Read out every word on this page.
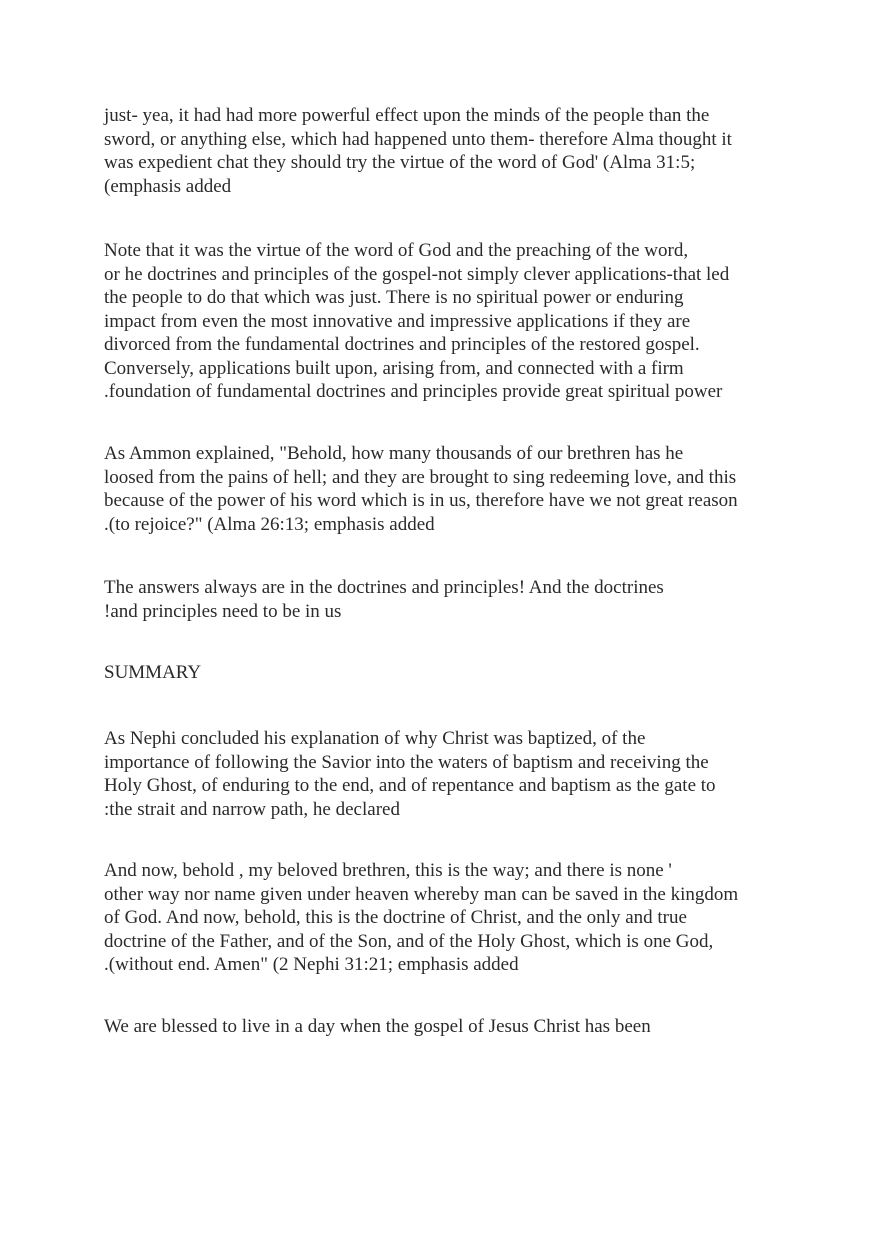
just- yea, it had had more powerful effect upon the minds of the people than the
sword, or anything else, which had happened unto them- therefore Alma thought it
was expedient chat they should try the virtue of the word of God' (Alma 31:5;
(emphasis added

Note that it was the virtue of the word of God and the preaching of the word,
or he doctrines and principles of the gospel-not simply clever applications-that led
the people to do that which was just. There is no spiritual power or enduring
impact from even the most innovative and impressive applications if they are
divorced from the fundamental doctrines and principles of the restored gospel.
Conversely, applications built upon, arising from, and connected with a firm
.foundation of fundamental doctrines and principles provide great spiritual power

As Ammon explained, "Behold, how many thousands of our brethren has he
loosed from the pains of hell; and they are brought to sing redeeming love, and this
because of the power of his word which is in us, therefore have we not great reason
.(to rejoice?" (Alma 26:13; emphasis added

The answers always are in the doctrines and principles! And the doctrines
!and principles need to be in us

SUMMARY

As Nephi concluded his explanation of why Christ was baptized, of the
importance of following the Savior into the waters of baptism and receiving the
Holy Ghost, of enduring to the end, and of repentance and baptism as the gate to
:the strait and narrow path, he declared

And now, behold , my beloved brethren, this is the way; and there is none '
other way nor name given under heaven whereby man can be saved in the kingdom
of God. And now, behold, this is the doctrine of Christ, and the only and true
doctrine of the Father, and of the Son, and of the Holy Ghost, which is one God,
.(without end. Amen" (2 Nephi 31:21; emphasis added

We are blessed to live in a day when the gospel of Jesus Christ has been
